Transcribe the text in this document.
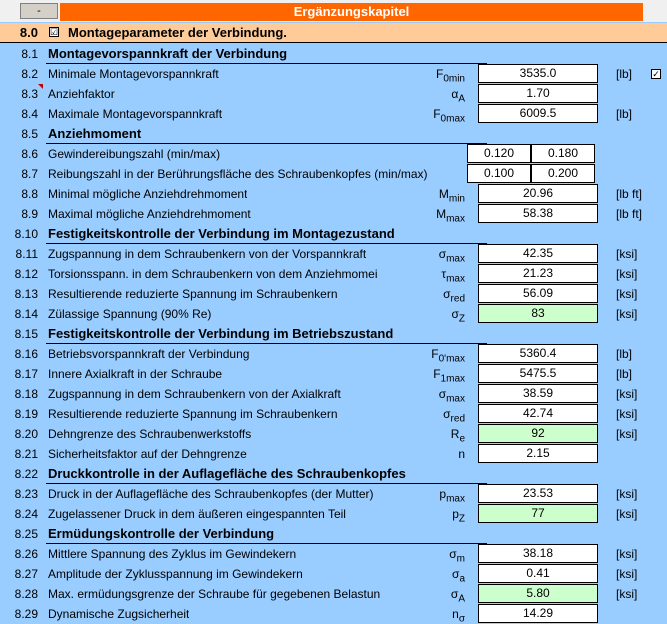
-	Ergänzungskapitel
8.0 ☑ Montageparameter der Verbindung.
8.1 Montagevorspannkraft der Verbindung
8.2 Minimale Montagevorspannkraft	$F_{0min}$	3535.0	[lb] ✓
8.3 Anziehfaktor	$\alpha_A$	1.70
8.4 Maximale Montagevorspannkraft	$F_{0max}$	6009.5	[lb]
8.5 Anziehmoment
8.6 Gewindereibungszahl (min/max)	0.120	0.180
8.7 Reibungszahl in der Berührungsfläche des Schraubenkopfes (min/max)	0.100	0.200
8.8 Minimal mögliche Anziehdrehmoment	$M_{min}$	20.96	[lb ft]
8.9 Maximal mögliche Anziehdrehmoment	$M_{max}$	58.38	[lb ft]
8.10 Festigkeitskontrolle der Verbindung im Montagezustand
8.11 Zugspannung in dem Schraubenkern von der Vorspannkraft	$\sigma_{max}$	42.35	[ksi]
8.12 Torsionsspann. in dem Schraubenkern von dem Anziehmomei	$\tau_{max}$	21.23	[ksi]
8.13 Resultierende reduzierte Spannung im Schraubenkern	$\sigma_{red}$	56.09	[ksi]
8.14 Zülassige Spannung (90% Re)	$\sigma_Z$	83	[ksi]
8.15 Festigkeitskontrolle der Verbindung im Betriebszustand
8.16 Betriebsvorspannkraft der Verbindung	$F_{0'max}$	5360.4	[lb]
8.17 Innere Axialkraft in der Schraube	$F_{1max}$	5475.5	[lb]
8.18 Zugspannung in dem Schraubenkern von der Axialkraft	$\sigma_{max}$	38.59	[ksi]
8.19 Resultierende reduzierte Spannung im Schraubenkern	$\sigma_{red}$	42.74	[ksi]
8.20 Dehngrenze des Schraubenwerkstoffs	$R_e$	92	[ksi]
8.21 Sicherheitsfaktor auf der Dehngrenze	n	2.15
8.22 Druckkontrolle in der Auflagefläche des Schraubenkopfes
8.23 Druck in der Auflagefläche des Schraubenkopfes (der Mutter)	$p_{max}$	23.53	[ksi]
8.24 Zugelassener Druck in dem äußeren eingespannten Teil	$p_Z$	77	[ksi]
8.25 Ermüdungskontrolle der Verbindung
8.26 Mittlere Spannung des Zyklus im Gewindekern	$\sigma_m$	38.18	[ksi]
8.27 Amplitude der Zyklusspannung im Gewindekern	$\sigma_a$	0.41	[ksi]
8.28 Max. ermüdungsgrenze der Schraube für gegebenen Belastun	$\sigma_A$	5.80	[ksi]
8.29 Dynamische Zugsicherheit	$n_\sigma$	14.29
